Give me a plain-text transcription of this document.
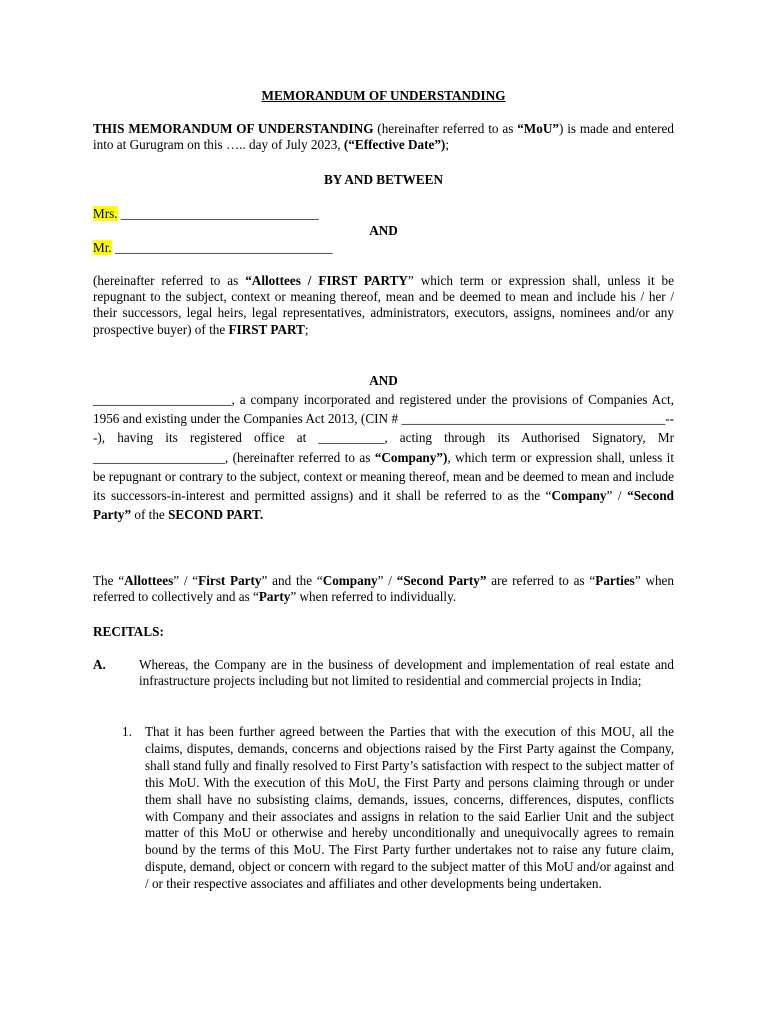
MEMORANDUM OF UNDERSTANDING

THIS MEMORANDUM OF UNDERSTANDING (hereinafter referred to as “MoU”) is made and entered into at Gurugram on this ….. day of July 2023, (“Effective Date”);

BY AND BETWEEN

Mrs. ______________________________
AND
Mr. _________________________________

(hereinafter referred to as “Allottees / FIRST PARTY” which term or expression shall, unless it be repugnant to the subject, context or meaning thereof, mean and be deemed to mean and include his / her / their successors, legal heirs, legal representatives, administrators, executors, assigns, nominees and/or any prospective buyer) of the FIRST PART;

AND

_____________________, a company incorporated and registered under the provisions of Companies Act, 1956 and existing under the Companies Act 2013, (CIN # ________________________________________---), having its registered office at __________, acting through its Authorised Signatory, Mr ____________________, (hereinafter referred to as “Company”), which term or expression shall, unless it be repugnant or contrary to the subject, context or meaning thereof, mean and be deemed to mean and include its successors-in-interest and permitted assigns) and it shall be referred to as the “Company” / “Second Party” of the SECOND PART.

The “Allottees” / “First Party” and the “Company” / “Second Party” are referred to as “Parties” when referred to collectively and as “Party” when referred to individually.

RECITALS:

A.	Whereas, the Company are in the business of development and implementation of real estate and infrastructure projects including but not limited to residential and commercial projects in India;

1. That it has been further agreed between the Parties that with the execution of this MOU, all the claims, disputes, demands, concerns and objections raised by the First Party against the Company, shall stand fully and finally resolved to First Party’s satisfaction with respect to the subject matter of this MoU. With the execution of this MoU, the First Party and persons claiming through or under them shall have no subsisting claims, demands, issues, concerns, differences, disputes, conflicts with Company and their associates and assigns in relation to the said Earlier Unit and the subject matter of this MoU or otherwise and hereby unconditionally and unequivocally agrees to remain bound by the terms of this MoU. The First Party further undertakes not to raise any future claim, dispute, demand, object or concern with regard to the subject matter of this MoU and/or against and / or their respective associates and affiliates and other developments being undertaken.
